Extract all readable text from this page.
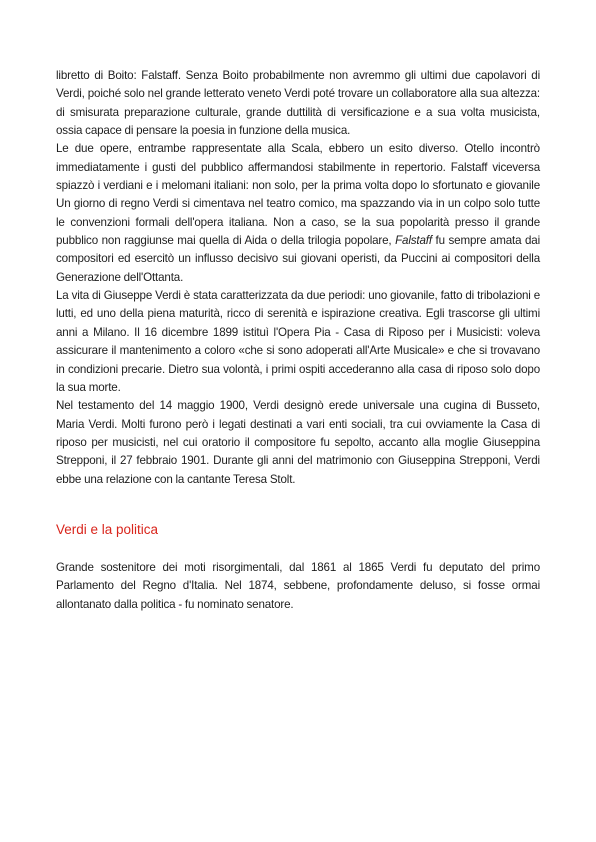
libretto di Boito: Falstaff. Senza Boito probabilmente non avremmo gli ultimi due capolavori di Verdi, poiché solo nel grande letterato veneto Verdi poté trovare un collaboratore alla sua altezza: di smisurata preparazione culturale, grande duttilità di versificazione e a sua volta musicista, ossia capace di pensare la poesia in funzione della musica.

Le due opere, entrambe rappresentate alla Scala, ebbero un esito diverso. Otello incontrò immediatamente i gusti del pubblico affermandosi stabilmente in repertorio. Falstaff viceversa spiazzò i verdiani e i melomani italiani: non solo, per la prima volta dopo lo sfortunato e giovanile Un giorno di regno Verdi si cimentava nel teatro comico, ma spazzando via in un colpo solo tutte le convenzioni formali dell'opera italiana. Non a caso, se la sua popolarità presso il grande pubblico non raggiunse mai quella di Aida o della trilogia popolare, Falstaff fu sempre amata dai compositori ed esercitò un influsso decisivo sui giovani operisti, da Puccini ai compositori della Generazione dell'Ottanta.

La vita di Giuseppe Verdi è stata caratterizzata da due periodi: uno giovanile, fatto di tribolazioni e lutti, ed uno della piena maturità, ricco di serenità e ispirazione creativa. Egli trascorse gli ultimi anni a Milano. Il 16 dicembre 1899 istituì l'Opera Pia - Casa di Riposo per i Musicisti: voleva assicurare il mantenimento a coloro «che si sono adoperati all'Arte Musicale» e che si trovavano in condizioni precarie. Dietro sua volontà, i primi ospiti accederanno alla casa di riposo solo dopo la sua morte.

Nel testamento del 14 maggio 1900, Verdi designò erede universale una cugina di Busseto, Maria Verdi. Molti furono però i legati destinati a vari enti sociali, tra cui ovviamente la Casa di riposo per musicisti, nel cui oratorio il compositore fu sepolto, accanto alla moglie Giuseppina Strepponi, il 27 febbraio 1901. Durante gli anni del matrimonio con Giuseppina Strepponi, Verdi ebbe una relazione con la cantante Teresa Stolt.

Verdi e la politica

Grande sostenitore dei moti risorgimentali, dal 1861 al 1865 Verdi fu deputato del primo Parlamento del Regno d'Italia. Nel 1874, sebbene, profondamente deluso, si fosse ormai allontanato dalla politica - fu nominato senatore.
